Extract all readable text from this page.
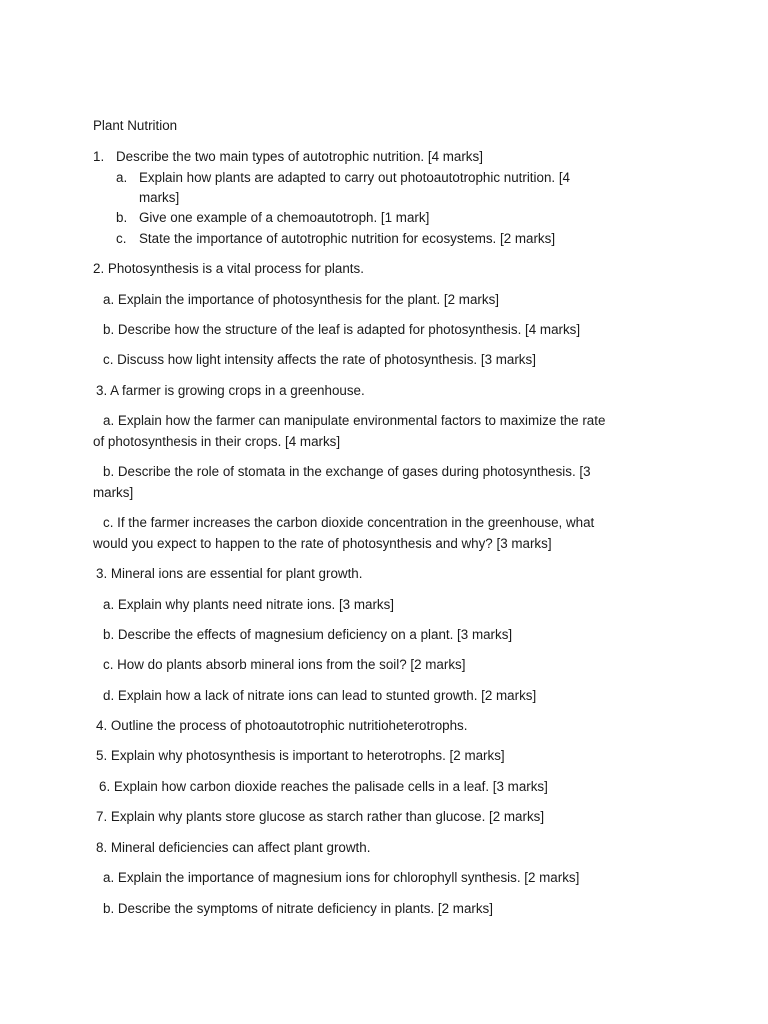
Plant Nutrition

1. Describe the two main types of autotrophic nutrition. [4 marks]

a. Explain how plants are adapted to carry out photoautotrophic nutrition. [4

marks]

b. Give one example of a chemoautotroph. [1 mark]

c. State the importance of autotrophic nutrition for ecosystems. [2 marks]

2. Photosynthesis is a vital process for plants.

a. Explain the importance of photosynthesis for the plant. [2 marks]

b. Describe how the structure of the leaf is adapted for photosynthesis. [4 marks]

c. Discuss how light intensity affects the rate of photosynthesis. [3 marks]

3. A farmer is growing crops in a greenhouse.

a. Explain how the farmer can manipulate environmental factors to maximize the rate

of photosynthesis in their crops. [4 marks]

b. Describe the role of stomata in the exchange of gases during photosynthesis. [3

marks]

c. If the farmer increases the carbon dioxide concentration in the greenhouse, what

would you expect to happen to the rate of photosynthesis and why? [3 marks]

3. Mineral ions are essential for plant growth.

a. Explain why plants need nitrate ions. [3 marks]

b. Describe the effects of magnesium deficiency on a plant. [3 marks]

c. How do plants absorb mineral ions from the soil? [2 marks]

d. Explain how a lack of nitrate ions can lead to stunted growth. [2 marks]

4. Outline the process of photoautotrophic nutritioheterotrophs.

5. Explain why photosynthesis is important to heterotrophs. [2 marks]

6. Explain how carbon dioxide reaches the palisade cells in a leaf. [3 marks]

7. Explain why plants store glucose as starch rather than glucose. [2 marks]

8. Mineral deficiencies can affect plant growth.

a. Explain the importance of magnesium ions for chlorophyll synthesis. [2 marks]

b. Describe the symptoms of nitrate deficiency in plants. [2 marks]
